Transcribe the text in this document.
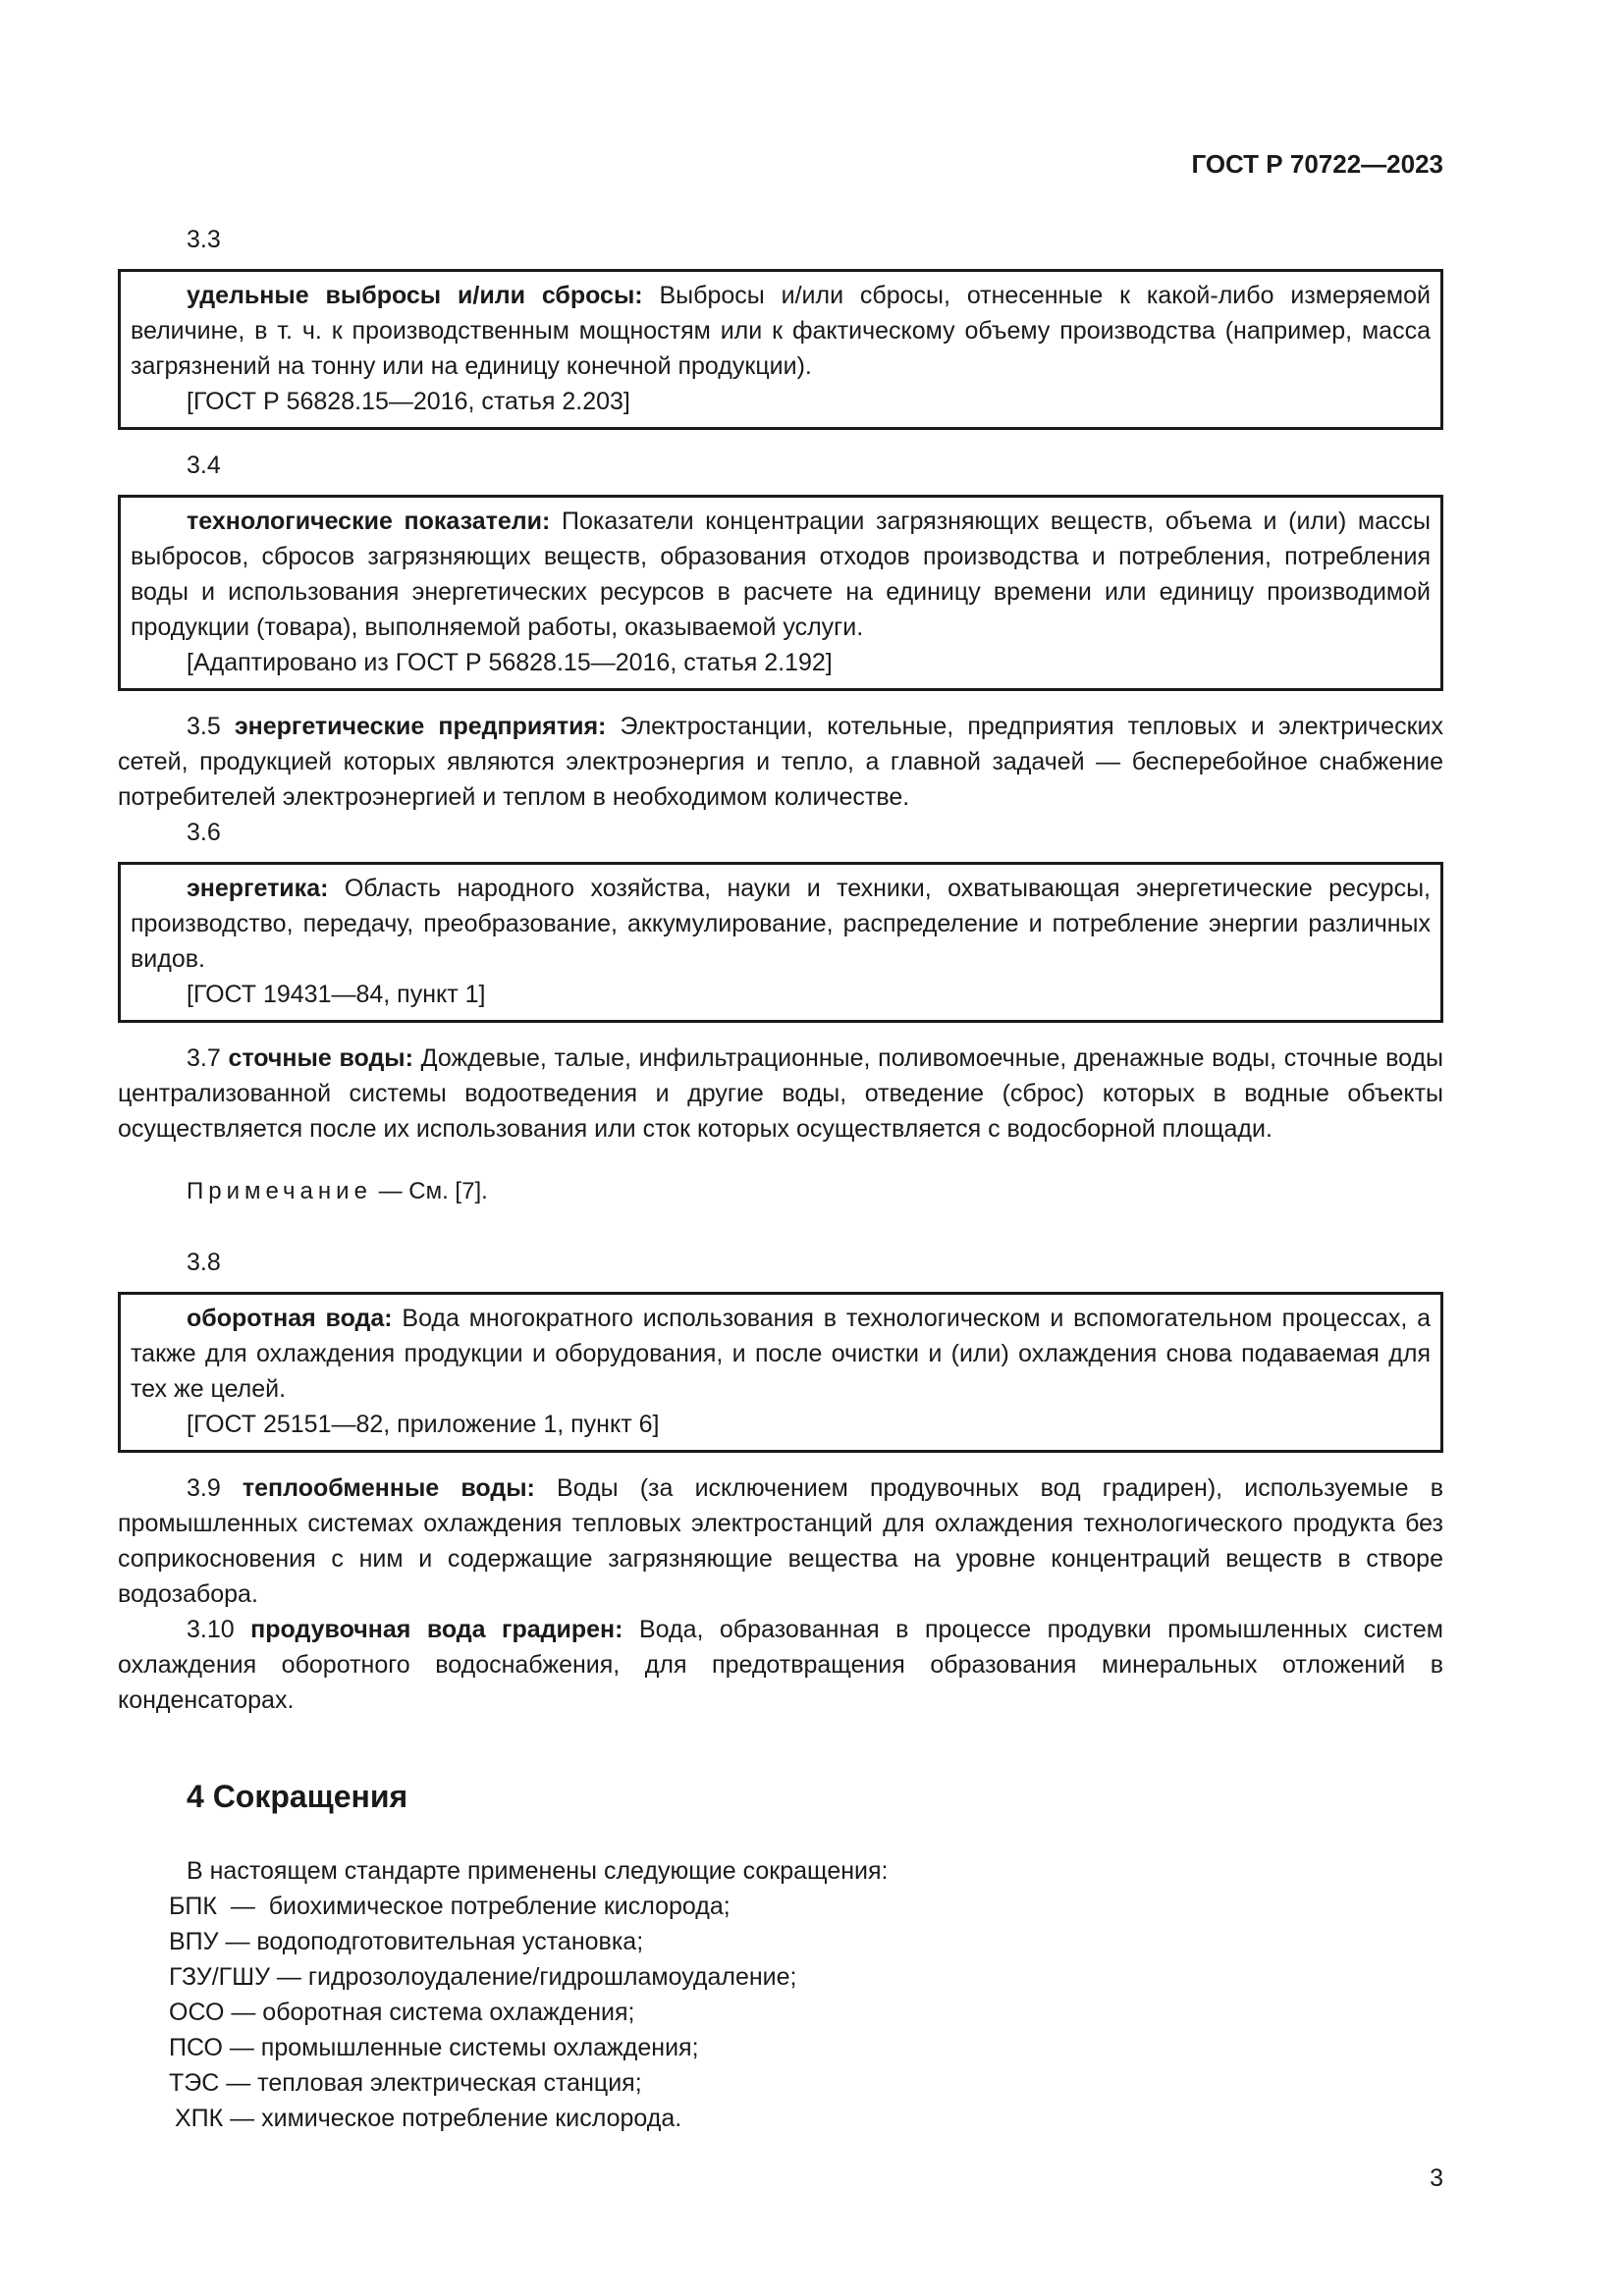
ГОСТ Р 70722—2023
3.3

удельные выбросы и/или сбросы: Выбросы и/или сбросы, отнесенные к какой-либо измеряемой величине, в т. ч. к производственным мощностям или к фактическому объему производства (например, масса загрязнений на тонну или на единицу конечной продукции).

[ГОСТ Р 56828.15—2016, статья 2.203]

3.4

технологические показатели: Показатели концентрации загрязняющих веществ, объема и (или) массы выбросов, сбросов загрязняющих веществ, образования отходов производства и потребления, потребления воды и использования энергетических ресурсов в расчете на единицу времени или единицу производимой продукции (товара), выполняемой работы, оказываемой услуги.

[Адаптировано из ГОСТ Р 56828.15—2016, статья 2.192]

3.5 энергетические предприятия: Электростанции, котельные, предприятия тепловых и электрических сетей, продукцией которых являются электроэнергия и тепло, а главной задачей — бесперебойное снабжение потребителей электроэнергией и теплом в необходимом количестве.

3.6

энергетика: Область народного хозяйства, науки и техники, охватывающая энергетические ресурсы, производство, передачу, преобразование, аккумулирование, распределение и потребление энергии различных видов.

[ГОСТ 19431—84, пункт 1]

3.7 сточные воды: Дождевые, талые, инфильтрационные, поливомоечные, дренажные воды, сточные воды централизованной системы водоотведения и другие воды, отведение (сброс) которых в водные объекты осуществляется после их использования или сток которых осуществляется с водосборной площади.

Примечание — См. [7].
3.8

оборотная вода: Вода многократного использования в технологическом и вспомогательном процессах, а также для охлаждения продукции и оборудования, и после очистки и (или) охлаждения снова подаваемая для тех же целей.

[ГОСТ 25151—82, приложение 1, пункт 6]

3.9 теплообменные воды: Воды (за исключением продувочных вод градирен), используемые в промышленных системах охлаждения тепловых электростанций для охлаждения технологического продукта без соприкосновения с ним и содержащие загрязняющие вещества на уровне концентраций веществ в створе водозабора.

3.10 продувочная вода градирен: Вода, образованная в процессе продувки промышленных систем охлаждения оборотного водоснабжения, для предотвращения образования минеральных отложений в конденсаторах.

4 Сокращения

В настоящем стандарте применены следующие сокращения:

БПК  —  биохимическое потребление кислорода;

ВПУ — водоподготовительная установка;

ГЗУ/ГШУ — гидрозолоудаление/гидрошламоудаление;

ОСО — оборотная система охлаждения;

ПСО — промышленные системы охлаждения;

ТЭС — тепловая электрическая станция;

ХПК — химическое потребление кислорода.

3
